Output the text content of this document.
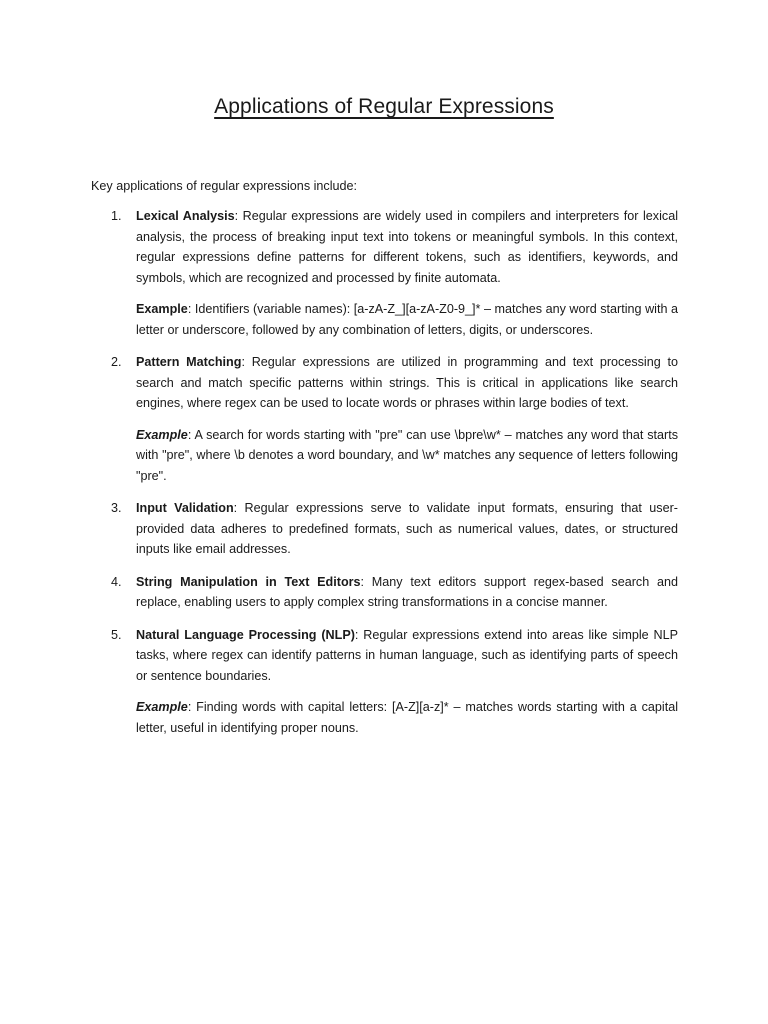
Applications of Regular Expressions

Key applications of regular expressions include:

1. Lexical Analysis: Regular expressions are widely used in compilers and interpreters for lexical analysis, the process of breaking input text into tokens or meaningful symbols. In this context, regular expressions define patterns for different tokens, such as identifiers, keywords, and symbols, which are recognized and processed by finite automata.

Example: Identifiers (variable names): [a-zA-Z_][a-zA-Z0-9_]* – matches any word starting with a letter or underscore, followed by any combination of letters, digits, or underscores.

2. Pattern Matching: Regular expressions are utilized in programming and text processing to search and match specific patterns within strings. This is critical in applications like search engines, where regex can be used to locate words or phrases within large bodies of text.

Example: A search for words starting with "pre" can use \bpre\w* – matches any word that starts with "pre", where \b denotes a word boundary, and \w* matches any sequence of letters following "pre".

3. Input Validation: Regular expressions serve to validate input formats, ensuring that user-provided data adheres to predefined formats, such as numerical values, dates, or structured inputs like email addresses.

4. String Manipulation in Text Editors: Many text editors support regex-based search and replace, enabling users to apply complex string transformations in a concise manner.

5. Natural Language Processing (NLP): Regular expressions extend into areas like simple NLP tasks, where regex can identify patterns in human language, such as identifying parts of speech or sentence boundaries.

Example: Finding words with capital letters: [A-Z][a-z]* – matches words starting with a capital letter, useful in identifying proper nouns.
